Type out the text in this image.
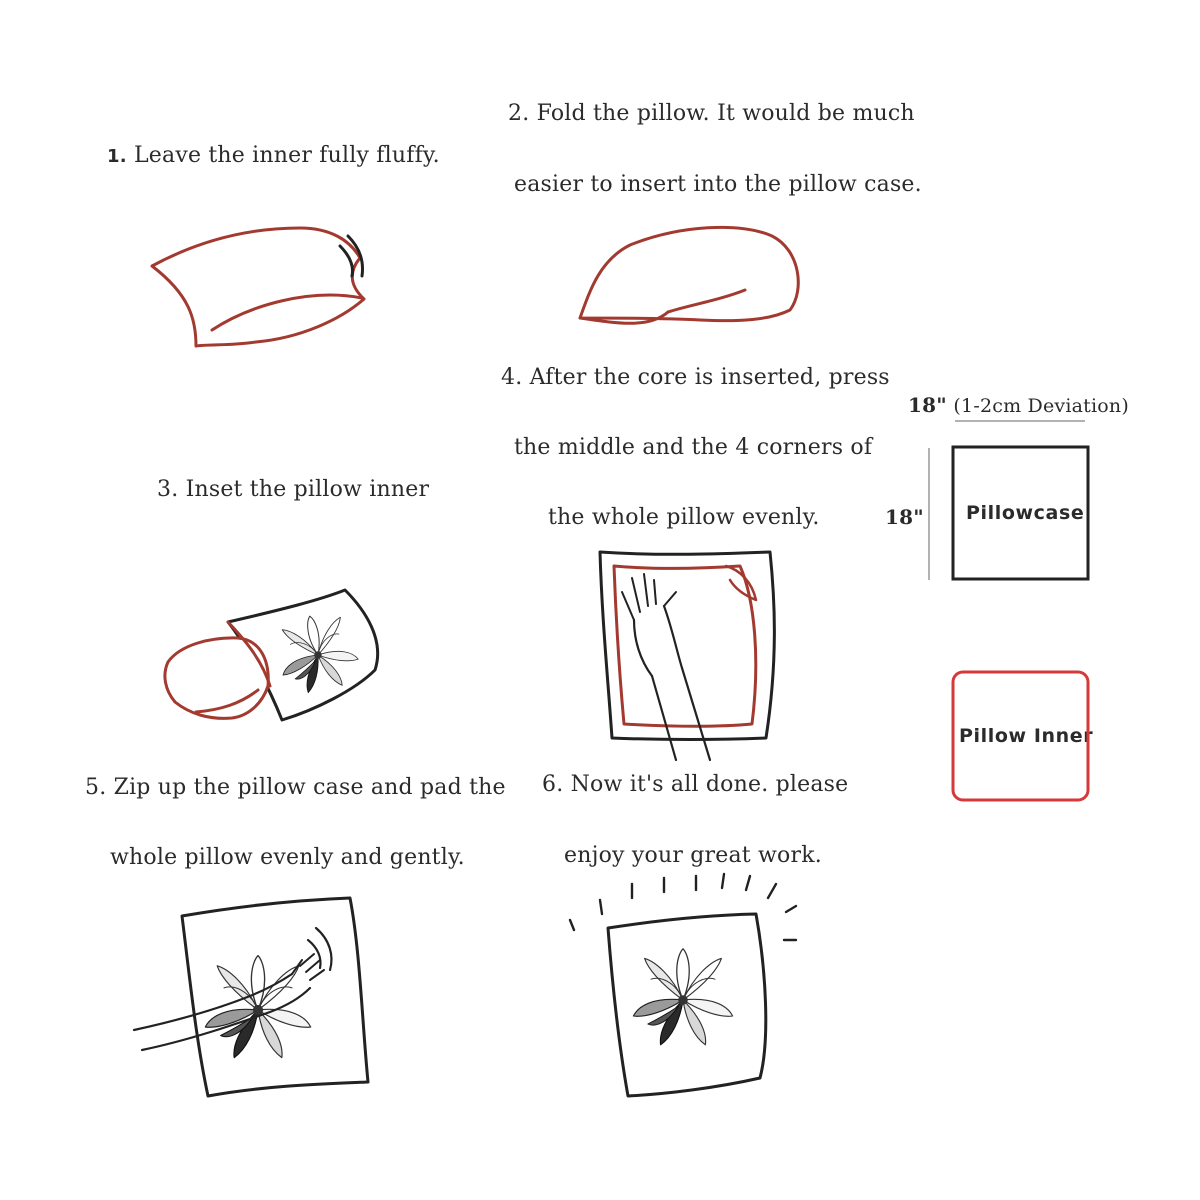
1. Leave the inner fully fluffy.
2. Fold the pillow. It would be much
easier to insert into the pillow case.
3. Inset the pillow inner
4. After the core is inserted, press
the middle and the 4 corners of
the whole pillow evenly.
5. Zip up the pillow case and pad the
whole pillow evenly and gently.
6. Now it's all done. please
enjoy your great work.
18" (1-2cm Deviation)
18" Pillowcase
Pillow Inner
